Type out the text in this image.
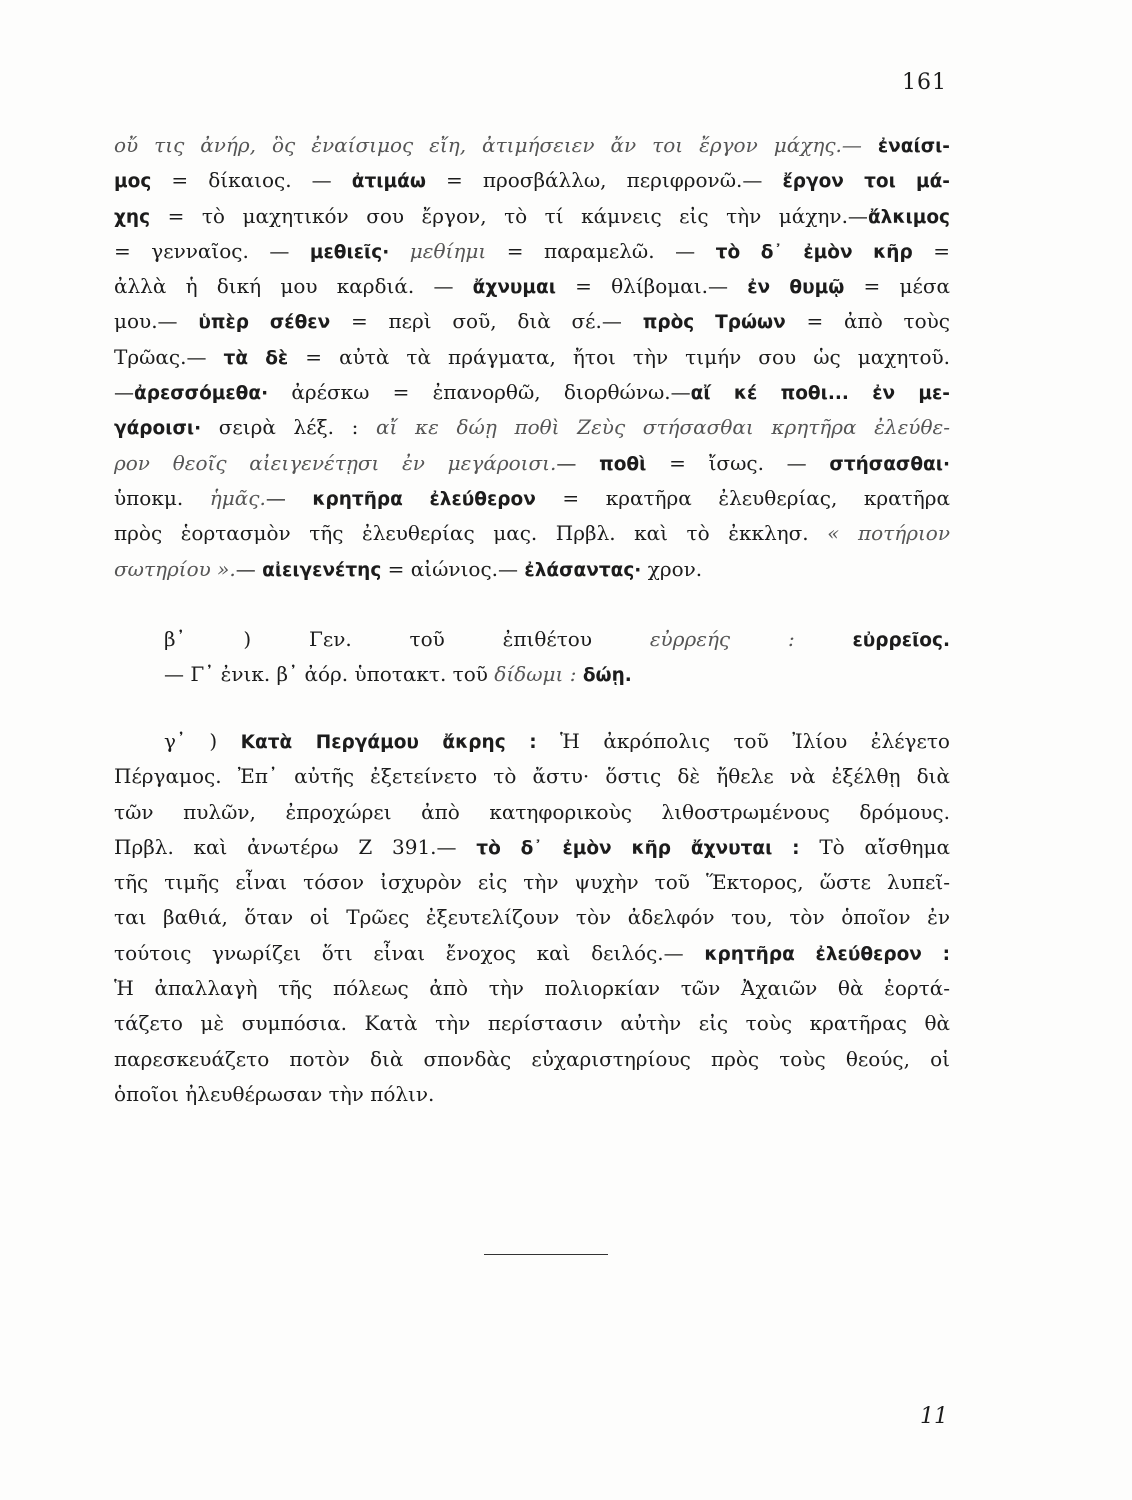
161
οὔ τις ἀνήρ, ὃς ἐναίσιμος εἴη, ἀτιμήσειεν ἄν τοι ἔργον μάχης.— ἐναίσι-
μος = δίκαιος. — ἀτιμάω = προσβάλλω, περιφρονῶ.— ἔργον τοι μά-
χης = τὸ μαχητικόν σου ἔργον, τὸ τί κάμνεις εἰς τὴν μάχην.—ἄλκιμος
= γενναῖος. — μεθιεῖς· μεθίημι = παραμελῶ. — τὸ δ᾽ ἐμὸν κῆρ =
ἀλλὰ ἡ δική μου καρδιά. — ἄχνυμαι = θλίβομαι.— ἐν θυμῷ = μέσα
μου.— ὑπὲρ σέθεν = περὶ σοῦ, διὰ σέ.— πρὸς Τρώων = ἀπὸ τοὺς
Τρῶας.— τὰ δὲ = αὐτὰ τὰ πράγματα, ἤτοι τὴν τιμήν σου ὡς μαχητοῦ.
—ἀρεσσόμεθα· ἀρέσκω = ἐπανορθῶ, διορθώνω.—αἴ κέ ποθι... ἐν με-
γάροισι· σειρὰ λέξ. : αἴ κε δώῃ ποθὶ Ζεὺς στήσασθαι κρητῆρα ἐλεύθε-
ρον θεοῖς αἰειγενέτῃσι ἐν μεγάροισι.— ποθὶ = ἴσως. — στήσασθαι·
ὑποκμ. ἡμᾶς.— κρητῆρα ἐλεύθερον = κρατῆρα ἐλευθερίας, κρατῆρα
πρὸς ἑορτασμὸν τῆς ἐλευθερίας μας. Πρβλ. καὶ τὸ ἐκκλησ. « ποτήριον
σωτηρίου ».— αἰειγενέτης = αἰώνιος.— ἐλάσαντας· χρον.
β᾽ ) Γεν. τοῦ ἐπιθέτου εὐρρεής :	εὐρρεῖος.
— Γ᾽ ἐνικ. β᾽ ἀόρ. ὑποτακτ. τοῦ δίδωμι : δώῃ.
γ᾽ ) Κατὰ Περγάμου ἄκρης : Ἡ ἀκρόπολις τοῦ Ἰλίου ἐλέγετο
Πέργαμος. Ἐπ᾽ αὐτῆς ἐξετείνετο τὸ ἄστυ· ὅστις δὲ ἤθελε νὰ ἐξέλθῃ διὰ
τῶν πυλῶν, ἐπροχώρει ἀπὸ κατηφορικοὺς λιθοστρωμένους δρόμους.
Πρβλ. καὶ ἀνωτέρω Ζ 391.— τὸ δ᾽ ἐμὸν κῆρ ἄχνυται : Τὸ αἴσθημα
τῆς τιμῆς εἶναι τόσον ἰσχυρὸν εἰς τὴν ψυχὴν τοῦ Ἕκτορος, ὥστε λυπεῖ-
ται βαθιά, ὅταν οἱ Τρῶες ἐξευτελίζουν τὸν ἀδελφόν του, τὸν ὁποῖον ἐν
τούτοις γνωρίζει ὅτι εἶναι ἔνοχος καὶ δειλός.— κρητῆρα ἐλεύθερον :
Ἡ ἀπαλλαγὴ τῆς πόλεως ἀπὸ τὴν πολιορκίαν τῶν Ἀχαιῶν θὰ ἑορτά-
τάζετο μὲ συμπόσια. Κατὰ τὴν περίστασιν αὐτὴν εἰς τοὺς κρατῆρας θὰ
παρεσκευάζετο ποτὸν διὰ σπονδὰς εὐχαριστηρίους πρὸς τοὺς θεούς, οἱ
ὁποῖοι ἠλευθέρωσαν τὴν πόλιν.
11
